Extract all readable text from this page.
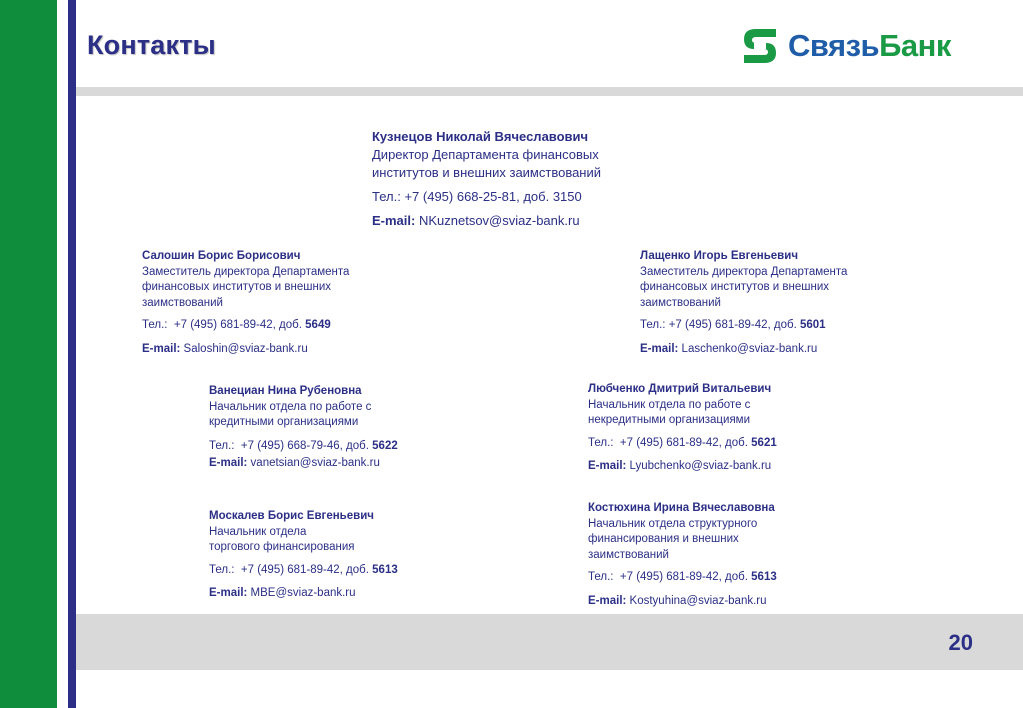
Контакты	СвязьБанк
Кузнецов Николай Вячеславович
Директор Департамента финансовых
институтов и внешних заимствований
Тел.: +7 (495) 668-25-81, доб. 3150
E-mail: NKuznetsov@sviaz-bank.ru
Салошин Борис Борисович
Заместитель директора Департамента
финансовых институтов и внешних
заимствований
Тел.: +7 (495) 681-89-42, доб. 5649
E-mail: Saloshin@sviaz-bank.ru
Лащенко Игорь Евгеньевич
Заместитель директора Департамента
финансовых институтов и внешних
заимствований
Тел.: +7 (495) 681-89-42, доб. 5601
E-mail: Laschenko@sviaz-bank.ru
Ванециан Нина Рубеновна
Начальник отдела по работе с
кредитными организациями
Тел.: +7 (495) 668-79-46, доб. 5622
E-mail: vanetsian@sviaz-bank.ru
Любченко Дмитрий Витальевич
Начальник отдела по работе с
некредитными организациями
Тел.: +7 (495) 681-89-42, доб. 5621
E-mail: Lyubchenko@sviaz-bank.ru
Москалев Борис Евгеньевич
Начальник отдела
торгового финансирования
Тел.: +7 (495) 681-89-42, доб. 5613
E-mail: MBE@sviaz-bank.ru
Костюхина Ирина Вячеславовна
Начальник отдела структурного
финансирования и внешних
заимствований
Тел.: +7 (495) 681-89-42, доб. 5613
E-mail: Kostyuhina@sviaz-bank.ru
20
